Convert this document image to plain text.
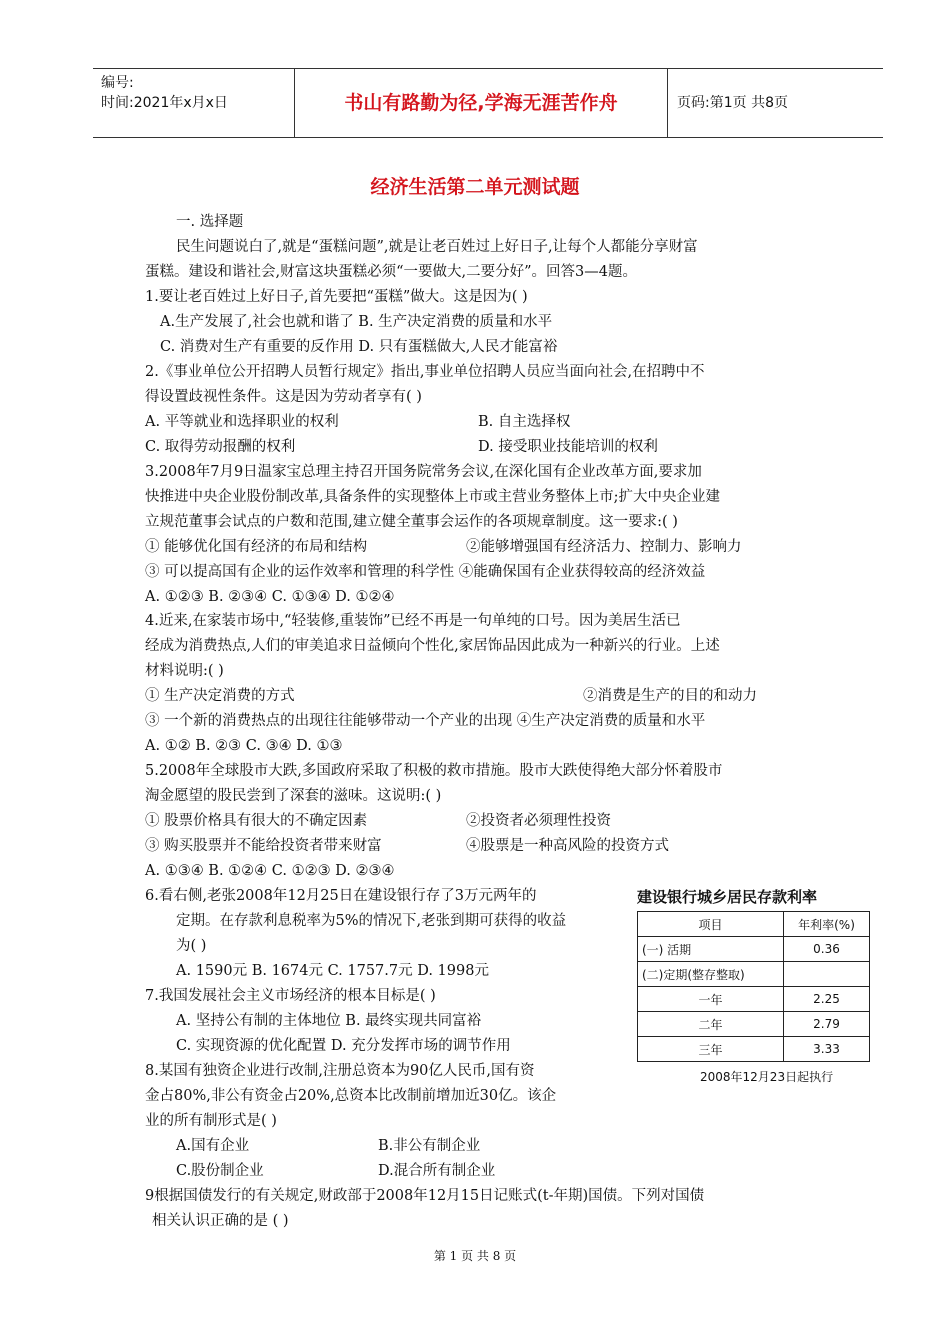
编号:
时间:2021年x月x日	书山有路勤为径,学海无涯苦作舟	页码:第1页 共8页
经济生活第二单元测试题
一. 选择题
民生问题说白了,就是“蛋糕问题”,就是让老百姓过上好日子,让每个人都能分享财富
蛋糕。建设和谐社会,财富这块蛋糕必须“一要做大,二要分好”。回答3—4题。
1.要让老百姓过上好日子,首先要把“蛋糕”做大。这是因为( )
A.生产发展了,社会也就和谐了 B. 生产决定消费的质量和水平
C. 消费对生产有重要的反作用 D. 只有蛋糕做大,人民才能富裕
2.《事业单位公开招聘人员暂行规定》指出,事业单位招聘人员应当面向社会,在招聘中不
得设置歧视性条件。这是因为劳动者享有( )
A. 平等就业和选择职业的权利	B. 自主选择权
C. 取得劳动报酬的权利	D. 接受职业技能培训的权利
3.2008年7月9日温家宝总理主持召开国务院常务会议,在深化国有企业改革方面,要求加
快推进中央企业股份制改革,具备条件的实现整体上市或主营业务整体上市;扩大中央企业建
立规范董事会试点的户数和范围,建立健全董事会运作的各项规章制度。这一要求:( )
① 能够优化国有经济的布局和结构	②能够增强国有经济活力、控制力、影响力
③ 可以提高国有企业的运作效率和管理的科学性 ④能确保国有企业获得较高的经济效益
A. ①②③ B. ②③④ C. ①③④ D. ①②④
4.近来,在家装市场中,“轻装修,重装饰”已经不再是一句单纯的口号。因为美居生活已
经成为消费热点,人们的审美追求日益倾向个性化,家居饰品因此成为一种新兴的行业。上述
材料说明:( )
① 生产决定消费的方式	②消费是生产的目的和动力
③ 一个新的消费热点的出现往往能够带动一个产业的出现 ④生产决定消费的质量和水平
A. ①② B. ②③ C. ③④ D. ①③
5.2008年全球股市大跌,多国政府采取了积极的救市措施。股市大跌使得绝大部分怀着股市
淘金愿望的股民尝到了深套的滋味。这说明:( )
① 股票价格具有很大的不确定因素	②投资者必须理性投资
③ 购买股票并不能给投资者带来财富	④股票是一种高风险的投资方式
A. ①③④ B. ①②④ C. ①②③ D. ②③④
6.看右侧,老张2008年12月25日在建设银行存了3万元两年的
定期。在存款利息税率为5%的情况下,老张到期可获得的收益
为( )
A. 1590元 B. 1674元 C. 1757.7元 D. 1998元
7.我国发展社会主义市场经济的根本目标是( )
A. 坚持公有制的主体地位 B. 最终实现共同富裕
C. 实现资源的优化配置 D. 充分发挥市场的调节作用
8.某国有独资企业进行改制,注册总资本为90亿人民币,国有资
金占80%,非公有资金占20%,总资本比改制前增加近30亿。该企
业的所有制形式是( )
A.国有企业	B.非公有制企业
C.股份制企业	D.混合所有制企业
9根据国债发行的有关规定,财政部于2008年12月15日记账式(t-年期)国债。下列对国债
相关认识正确的是 ( )
建设银行城乡居民存款利率
项目	年利率(%)
(一) 活期	0.36
(二)定期(整存整取)	
一年	2.25
二年	2.79
三年	3.33
2008年12月23日起执行
第 1 页 共 8 页
